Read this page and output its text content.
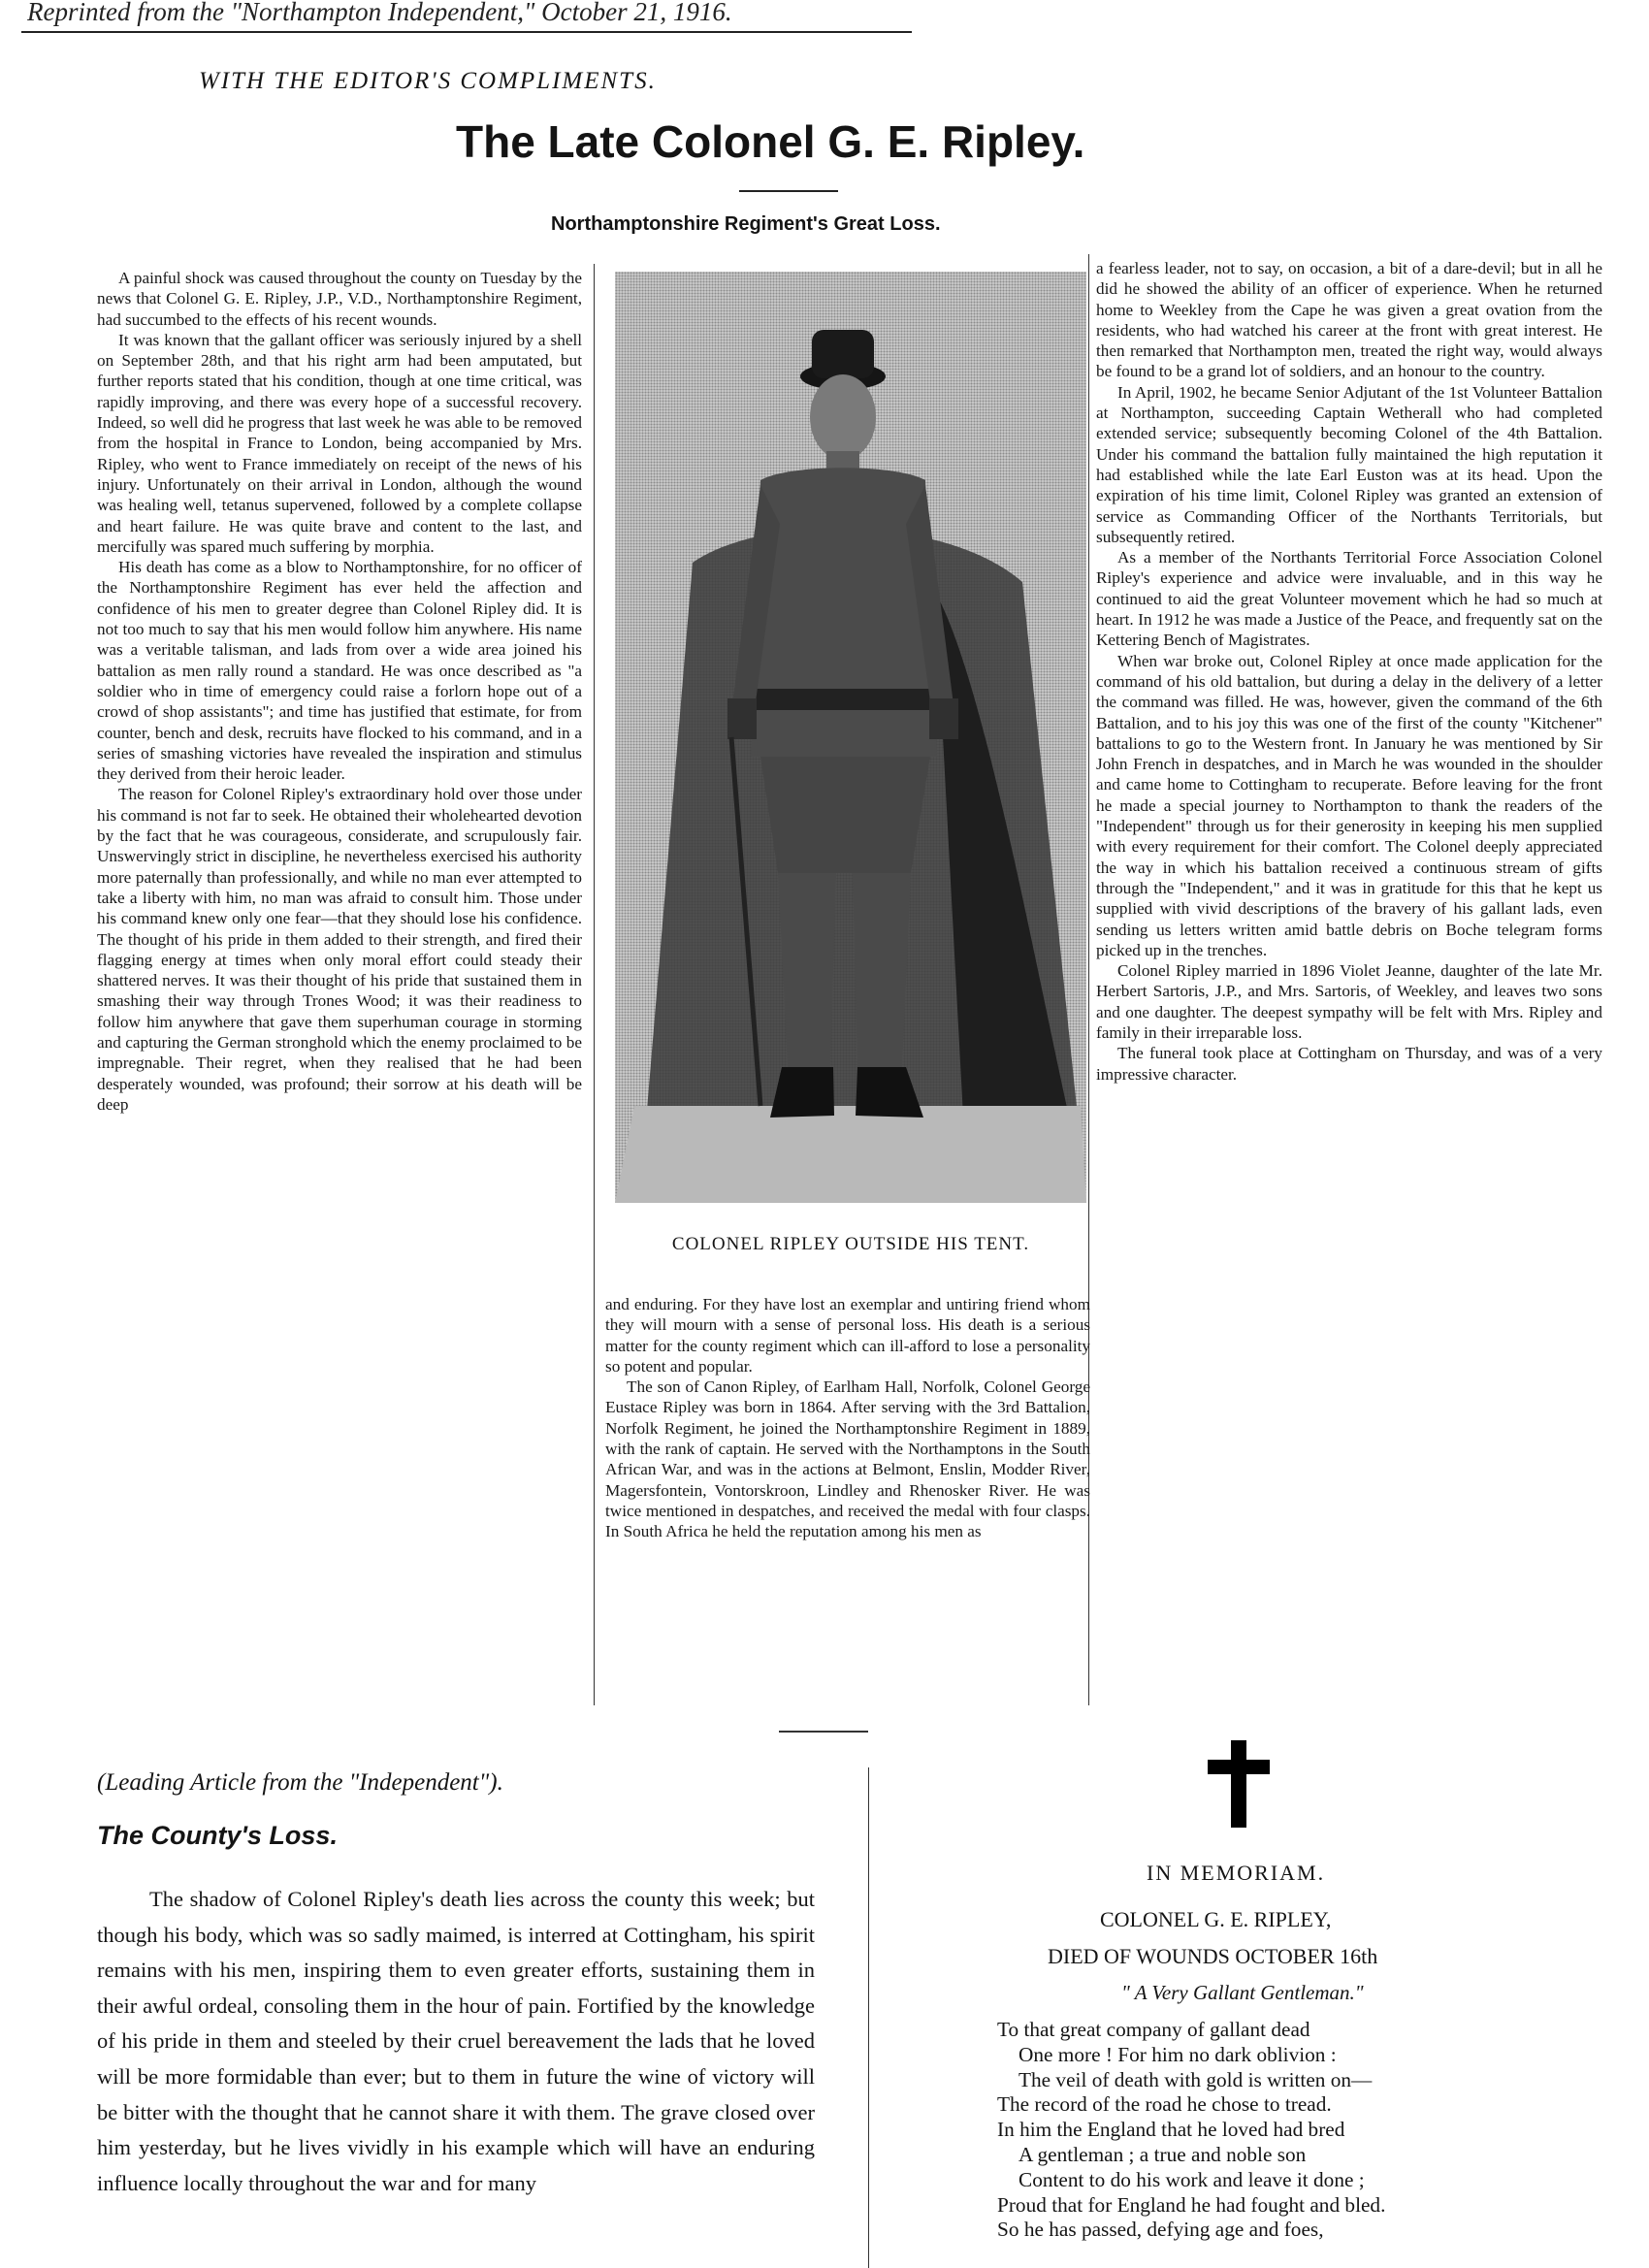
Reprinted from the "Northampton Independent," October 21, 1916.
WITH THE EDITOR'S COMPLIMENTS.
The Late Colonel G. E. Ripley.
Northamptonshire Regiment's Great Loss.

A painful shock was caused throughout the county on Tuesday by the news that Colonel G. E. Ripley, J.P., V.D., Northamptonshire Regiment, had succumbed to the effects of his recent wounds.

It was known that the gallant officer was seriously injured by a shell on September 28th, and that his right arm had been amputated, but further reports stated that his condition, though at one time critical, was rapidly improving, and there was every hope of a successful recovery. Indeed, so well did he progress that last week he was able to be removed from the hospital in France to London, being accompanied by Mrs. Ripley, who went to France immediately on receipt of the news of his injury. Unfortunately on their arrival in London, although the wound was healing well, tetanus supervened, followed by a complete collapse and heart failure. He was quite brave and content to the last, and mercifully was spared much suffering by morphia.

His death has come as a blow to Northamptonshire, for no officer of the Northamptonshire Regiment has ever held the affection and confidence of his men to greater degree than Colonel Ripley did. It is not too much to say that his men would follow him anywhere. His name was a veritable talisman, and lads from over a wide area joined his battalion as men rally round a standard. He was once described as "a soldier who in time of emergency could raise a forlorn hope out of a crowd of shop assistants"; and time has justified that estimate, for from counter, bench and desk, recruits have flocked to his command, and in a series of smashing victories have revealed the inspiration and stimulus they derived from their heroic leader.

The reason for Colonel Ripley's extraordinary hold over those under his command is not far to seek. He obtained their wholehearted devotion by the fact that he was courageous, considerate, and scrupulously fair. Unswervingly strict in discipline, he nevertheless exercised his authority more paternally than professionally, and while no man ever attempted to take a liberty with him, no man was afraid to consult him. Those under his command knew only one fear—that they should lose his confidence. The thought of his pride in them added to their strength, and fired their flagging energy at times when only moral effort could steady their shattered nerves. It was their thought of his pride that sustained them in smashing their way through Trones Wood; it was their readiness to follow him anywhere that gave them superhuman courage in storming and capturing the German stronghold which the enemy proclaimed to be impregnable. Their regret, when they realised that he had been desperately wounded, was profound; their sorrow at his death will be deep

COLONEL RIPLEY OUTSIDE HIS TENT.

and enduring. For they have lost an exemplar and untiring friend whom they will mourn with a sense of personal loss. His death is a serious matter for the county regiment which can ill-afford to lose a personality so potent and popular.

The son of Canon Ripley, of Earlham Hall, Norfolk, Colonel George Eustace Ripley was born in 1864. After serving with the 3rd Battalion, Norfolk Regiment, he joined the Northamptonshire Regiment in 1889, with the rank of captain. He served with the Northamptons in the South African War, and was in the actions at Belmont, Enslin, Modder River, Magersfontein, Vontorskroon, Lindley and Rhenosker River. He was twice mentioned in despatches, and received the medal with four clasps. In South Africa he held the reputation among his men as

a fearless leader, not to say, on occasion, a bit of a dare-devil; but in all he did he showed the ability of an officer of experience. When he returned home to Weekley from the Cape he was given a great ovation from the residents, who had watched his career at the front with great interest. He then remarked that Northampton men, treated the right way, would always be found to be a grand lot of soldiers, and an honour to the country.

In April, 1902, he became Senior Adjutant of the 1st Volunteer Battalion at Northampton, succeeding Captain Wetherall who had completed extended service; subsequently becoming Colonel of the 4th Battalion. Under his command the battalion fully maintained the high reputation it had established while the late Earl Euston was at its head. Upon the expiration of his time limit, Colonel Ripley was granted an extension of service as Commanding Officer of the Northants Territorials, but subsequently retired.

As a member of the Northants Territorial Force Association Colonel Ripley's experience and advice were invaluable, and in this way he continued to aid the great Volunteer movement which he had so much at heart. In 1912 he was made a Justice of the Peace, and frequently sat on the Kettering Bench of Magistrates.

When war broke out, Colonel Ripley at once made application for the command of his old battalion, but during a delay in the delivery of a letter the command was filled. He was, however, given the command of the 6th Battalion, and to his joy this was one of the first of the county "Kitchener" battalions to go to the Western front. In January he was mentioned by Sir John French in despatches, and in March he was wounded in the shoulder and came home to Cottingham to recuperate. Before leaving for the front he made a special journey to Northampton to thank the readers of the "Independent" through us for their generosity in keeping his men supplied with every requirement for their comfort. The Colonel deeply appreciated the way in which his battalion received a continuous stream of gifts through the "Independent," and it was in gratitude for this that he kept us supplied with vivid descriptions of the bravery of his gallant lads, even sending us letters written amid battle debris on Boche telegram forms picked up in the trenches.

Colonel Ripley married in 1896 Violet Jeanne, daughter of the late Mr. Herbert Sartoris, J.P., and Mrs. Sartoris, of Weekley, and leaves two sons and one daughter. The deepest sympathy will be felt with Mrs. Ripley and family in their irreparable loss.

The funeral took place at Cottingham on Thursday, and was of a very impressive character.

(Leading Article from the "Independent").
The County's Loss.

The shadow of Colonel Ripley's death lies across the county this week; but though his body, which was so sadly maimed, is interred at Cottingham, his spirit remains with his men, inspiring them to even greater efforts, sustaining them in their awful ordeal, consoling them in the hour of pain. Fortified by the knowledge of his pride in them and steeled by their cruel bereavement the lads that he loved will be more formidable than ever; but to them in future the wine of victory will be bitter with the thought that he cannot share it with them. The grave closed over him yesterday, but he lives vividly in his example which will have an enduring influence locally throughout the war and for many

IN MEMORIAM.
COLONEL G. E. RIPLEY,
DIED OF WOUNDS OCTOBER 16th
" A Very Gallant Gentleman."
To that great company of gallant dead
One more ! For him no dark oblivion :
The veil of death with gold is written on—
The record of the road he chose to tread.
In him the England that he loved had bred
A gentleman ; a true and noble son
Content to do his work and leave it done ;
Proud that for England he had fought and bled.
So he has passed, defying age and foes,
